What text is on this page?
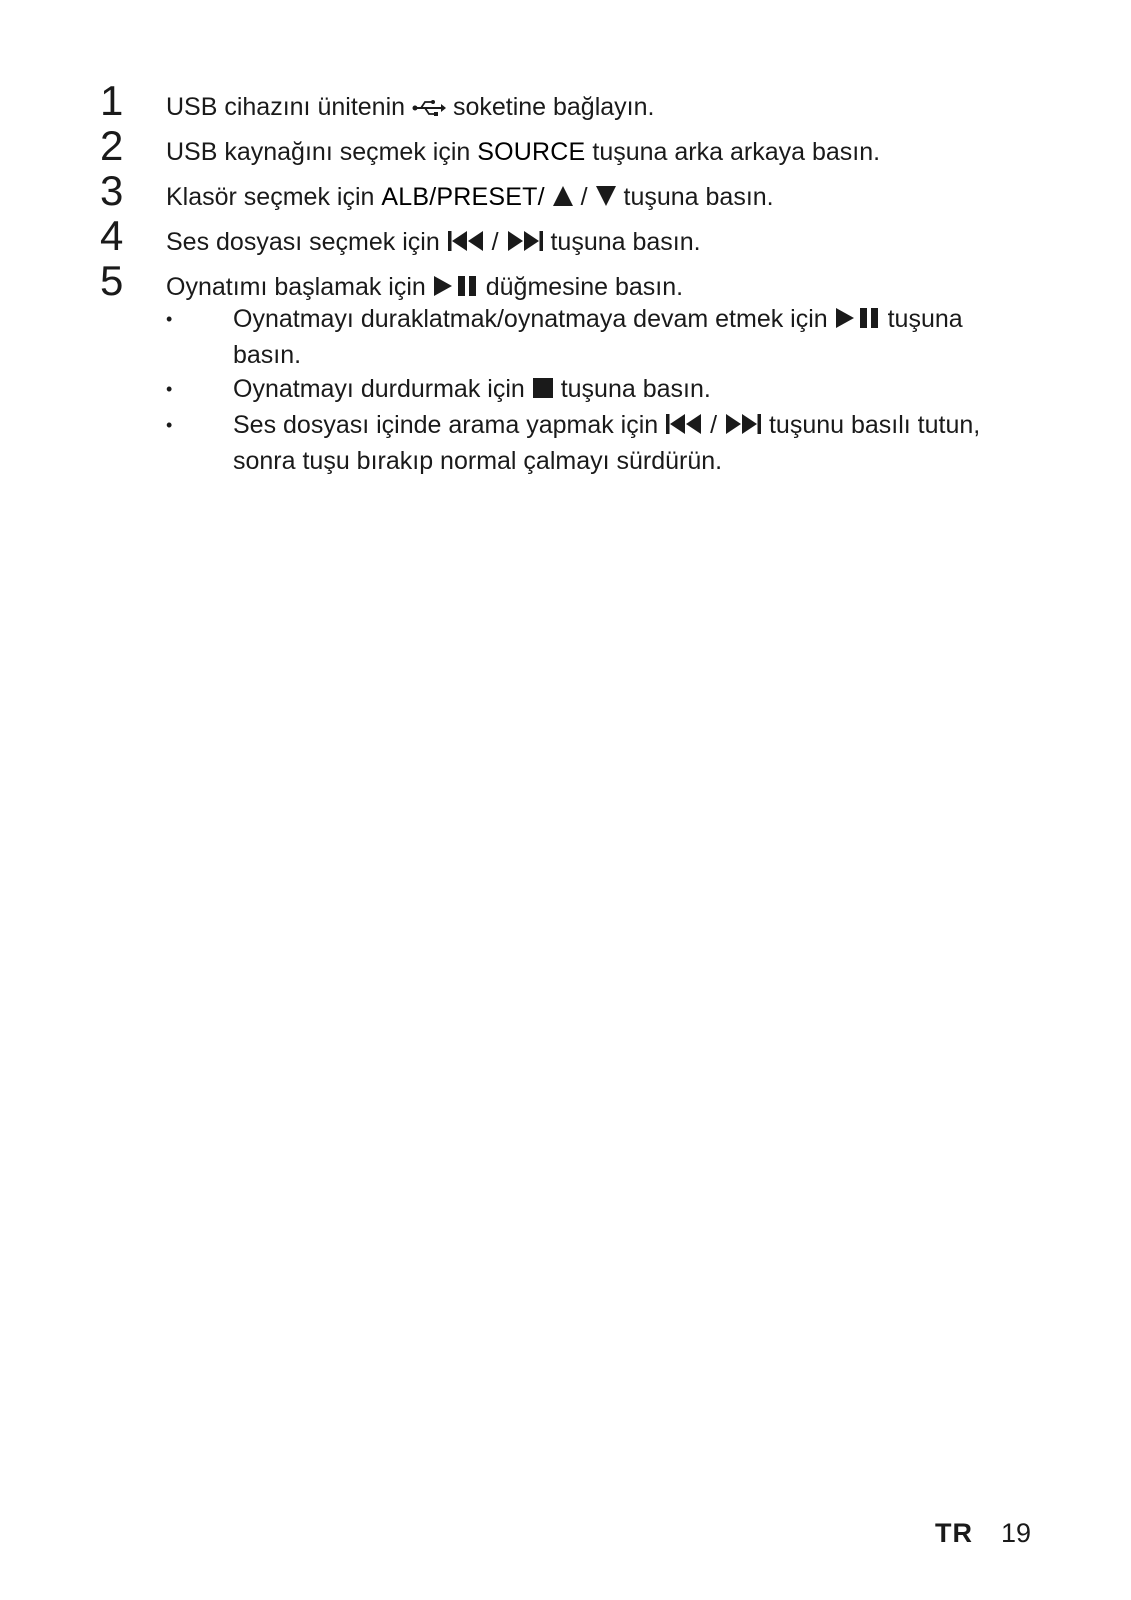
1	USB cihazını ünitenin soketine bağlayın.
2	USB kaynağını seçmek için SOURCE tuşuna arka arkaya basın.
3	Klasör seçmek için ALB/PRESET/ / tuşuna basın.
4	Ses dosyası seçmek için / tuşuna basın.
5	Oynatımı başlamak için düğmesine basın.
•	Oynatmayı duraklatmak/oynatmaya devam etmek için tuşuna basın.
•	Oynatmayı durdurmak için tuşuna basın.
•	Ses dosyası içinde arama yapmak için / tuşunu basılı tutun, sonra tuşu bırakıp normal çalmayı sürdürün.
TR 19
